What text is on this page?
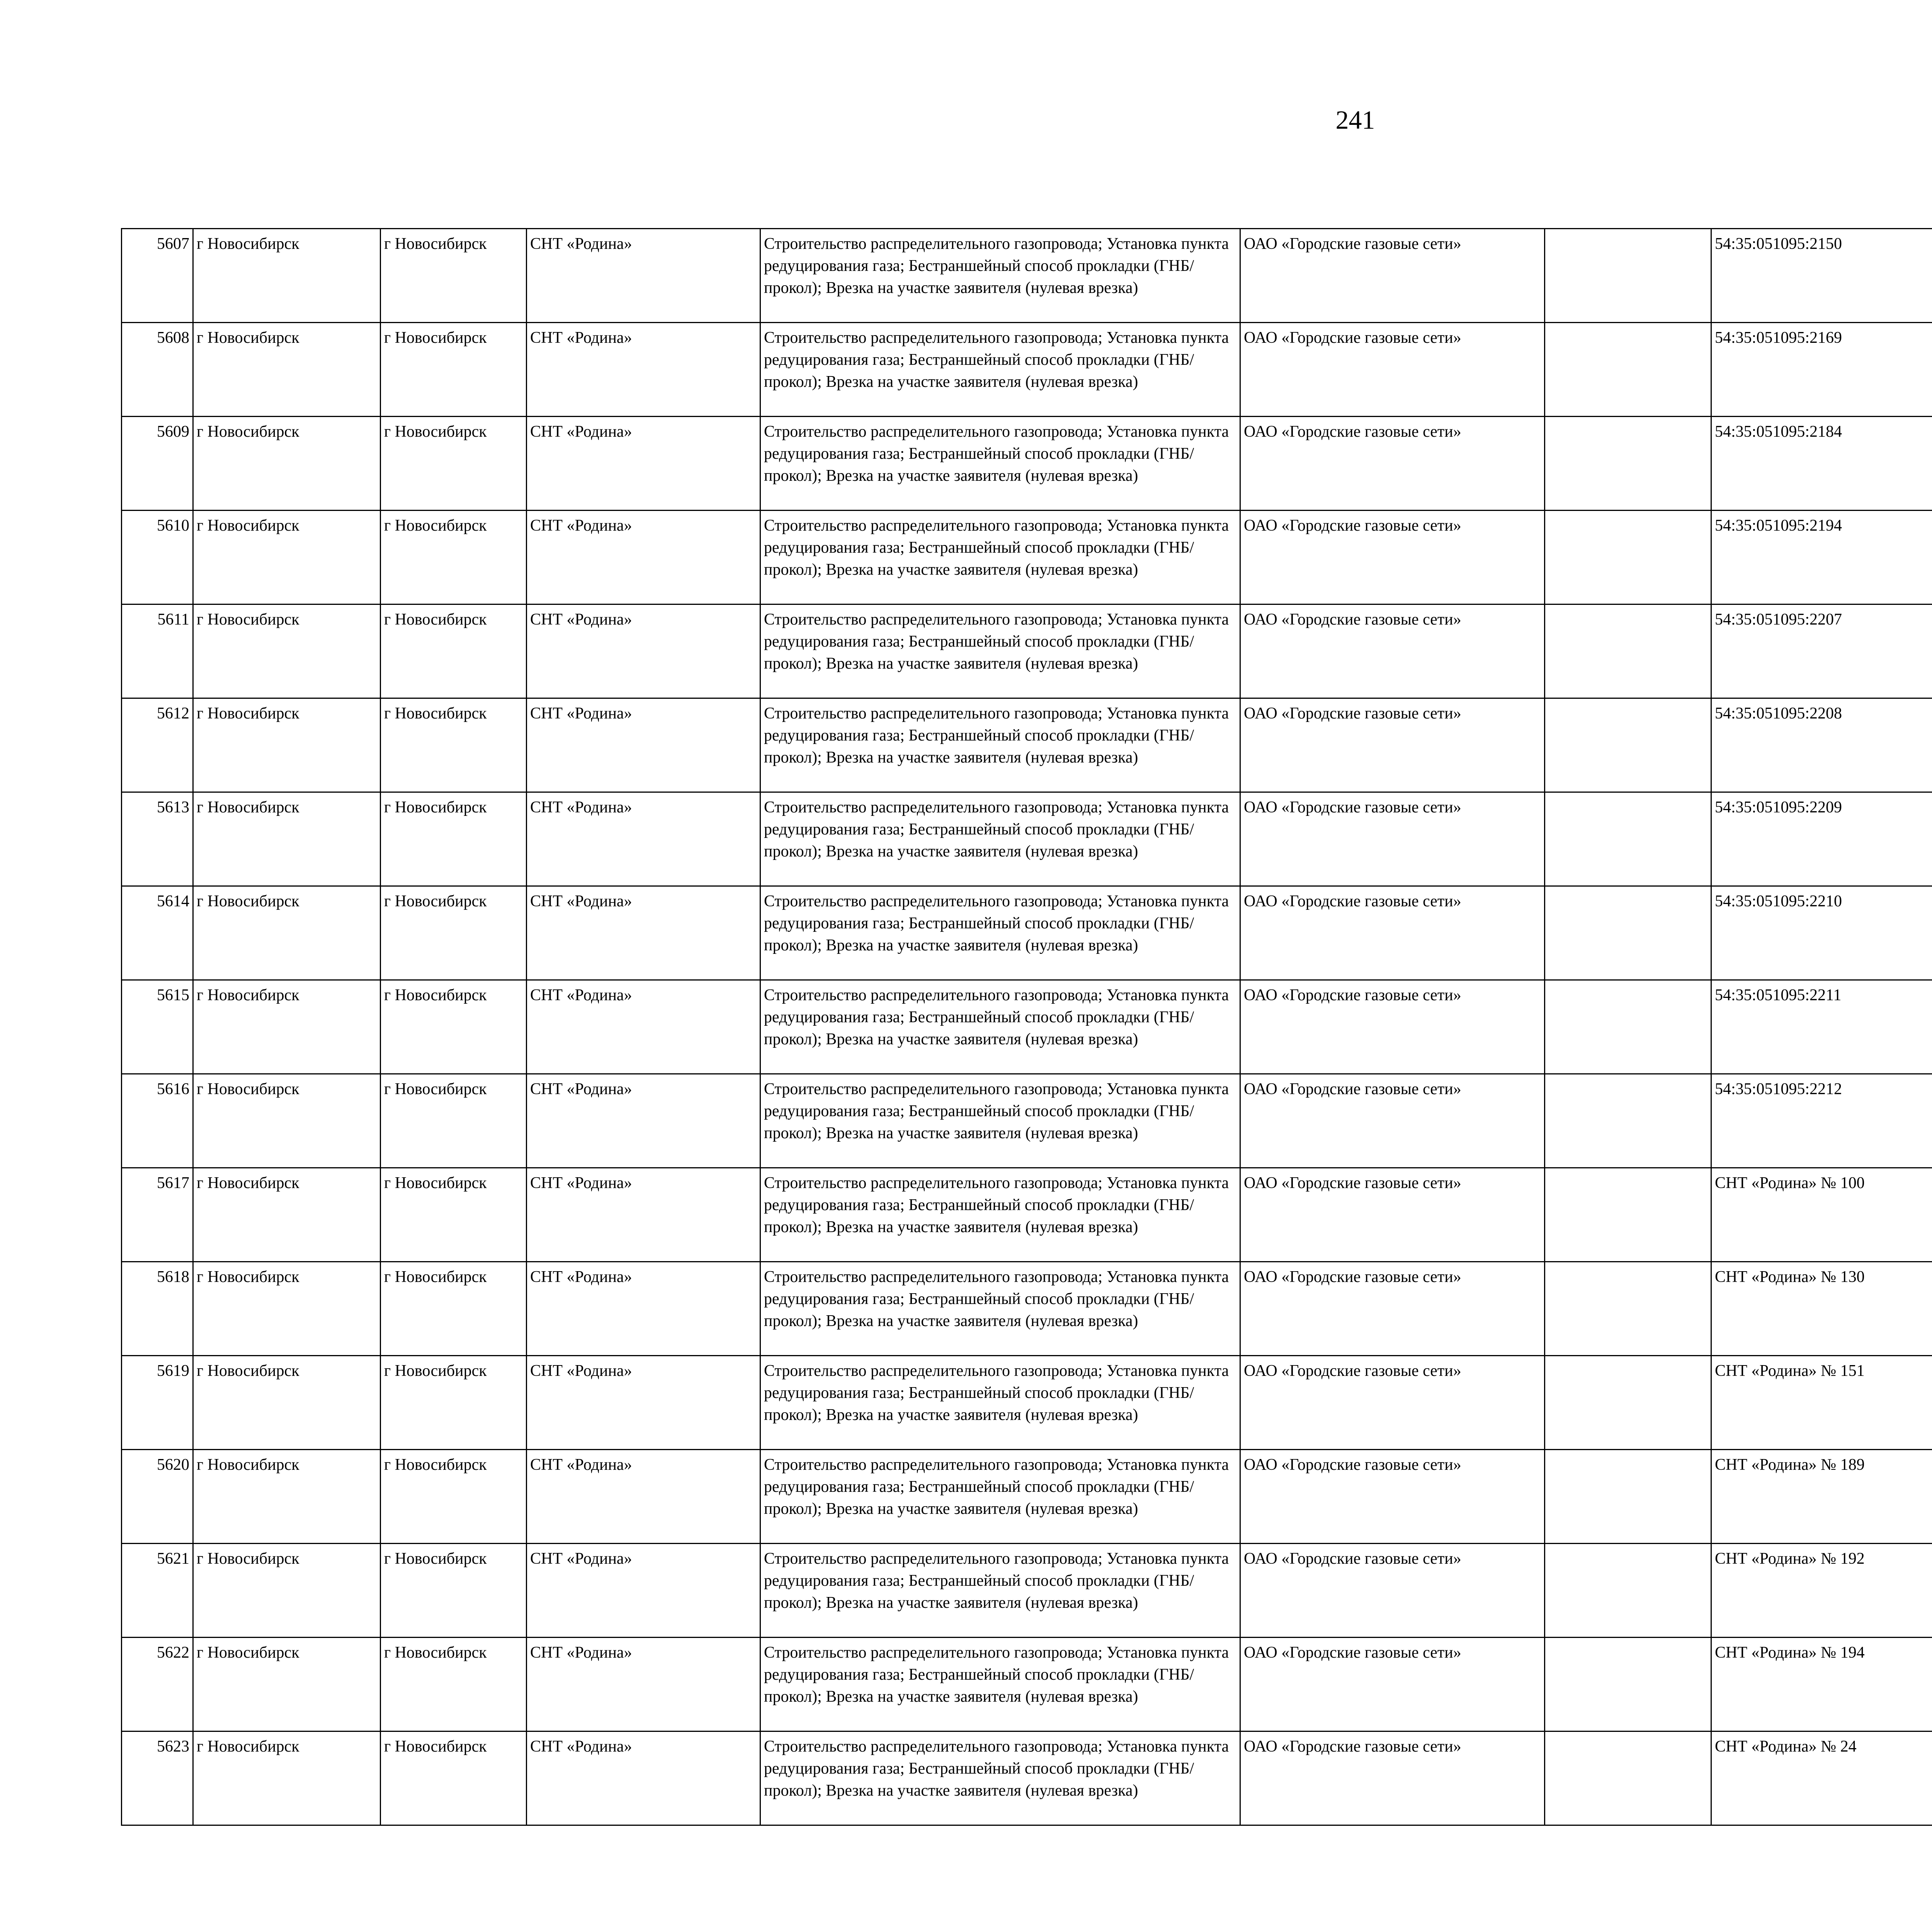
241
5607	г Новосибирск	г Новосибирск	СНТ «Родина»	Строительство распределительного газопровода; Установка пункта редуцирования газа; Бестраншейный способ прокладки (ГНБ/прокол); Врезка на участке заявителя (нулевая врезка)	ОАО «Городские газовые сети»		54:35:051095:2150					
5608	г Новосибирск	г Новосибирск	СНТ «Родина»	Строительство распределительного газопровода; Установка пункта редуцирования газа; Бестраншейный способ прокладки (ГНБ/прокол); Врезка на участке заявителя (нулевая врезка)	ОАО «Городские газовые сети»		54:35:051095:2169					
5609	г Новосибирск	г Новосибирск	СНТ «Родина»	Строительство распределительного газопровода; Установка пункта редуцирования газа; Бестраншейный способ прокладки (ГНБ/прокол); Врезка на участке заявителя (нулевая врезка)	ОАО «Городские газовые сети»		54:35:051095:2184					
5610	г Новосибирск	г Новосибирск	СНТ «Родина»	Строительство распределительного газопровода; Установка пункта редуцирования газа; Бестраншейный способ прокладки (ГНБ/прокол); Врезка на участке заявителя (нулевая врезка)	ОАО «Городские газовые сети»		54:35:051095:2194					
5611	г Новосибирск	г Новосибирск	СНТ «Родина»	Строительство распределительного газопровода; Установка пункта редуцирования газа; Бестраншейный способ прокладки (ГНБ/прокол); Врезка на участке заявителя (нулевая врезка)	ОАО «Городские газовые сети»		54:35:051095:2207					
5612	г Новосибирск	г Новосибирск	СНТ «Родина»	Строительство распределительного газопровода; Установка пункта редуцирования газа; Бестраншейный способ прокладки (ГНБ/прокол); Врезка на участке заявителя (нулевая врезка)	ОАО «Городские газовые сети»		54:35:051095:2208					
5613	г Новосибирск	г Новосибирск	СНТ «Родина»	Строительство распределительного газопровода; Установка пункта редуцирования газа; Бестраншейный способ прокладки (ГНБ/прокол); Врезка на участке заявителя (нулевая врезка)	ОАО «Городские газовые сети»		54:35:051095:2209					
5614	г Новосибирск	г Новосибирск	СНТ «Родина»	Строительство распределительного газопровода; Установка пункта редуцирования газа; Бестраншейный способ прокладки (ГНБ/прокол); Врезка на участке заявителя (нулевая врезка)	ОАО «Городские газовые сети»		54:35:051095:2210					
5615	г Новосибирск	г Новосибирск	СНТ «Родина»	Строительство распределительного газопровода; Установка пункта редуцирования газа; Бестраншейный способ прокладки (ГНБ/прокол); Врезка на участке заявителя (нулевая врезка)	ОАО «Городские газовые сети»		54:35:051095:2211					
5616	г Новосибирск	г Новосибирск	СНТ «Родина»	Строительство распределительного газопровода; Установка пункта редуцирования газа; Бестраншейный способ прокладки (ГНБ/прокол); Врезка на участке заявителя (нулевая врезка)	ОАО «Городские газовые сети»		54:35:051095:2212					
5617	г Новосибирск	г Новосибирск	СНТ «Родина»	Строительство распределительного газопровода; Установка пункта редуцирования газа; Бестраншейный способ прокладки (ГНБ/прокол); Врезка на участке заявителя (нулевая врезка)	ОАО «Городские газовые сети»		СНТ «Родина» № 100					
5618	г Новосибирск	г Новосибирск	СНТ «Родина»	Строительство распределительного газопровода; Установка пункта редуцирования газа; Бестраншейный способ прокладки (ГНБ/прокол); Врезка на участке заявителя (нулевая врезка)	ОАО «Городские газовые сети»		СНТ «Родина» № 130					
5619	г Новосибирск	г Новосибирск	СНТ «Родина»	Строительство распределительного газопровода; Установка пункта редуцирования газа; Бестраншейный способ прокладки (ГНБ/прокол); Врезка на участке заявителя (нулевая врезка)	ОАО «Городские газовые сети»		СНТ «Родина» № 151					
5620	г Новосибирск	г Новосибирск	СНТ «Родина»	Строительство распределительного газопровода; Установка пункта редуцирования газа; Бестраншейный способ прокладки (ГНБ/прокол); Врезка на участке заявителя (нулевая врезка)	ОАО «Городские газовые сети»		СНТ «Родина» № 189					
5621	г Новосибирск	г Новосибирск	СНТ «Родина»	Строительство распределительного газопровода; Установка пункта редуцирования газа; Бестраншейный способ прокладки (ГНБ/прокол); Врезка на участке заявителя (нулевая врезка)	ОАО «Городские газовые сети»		СНТ «Родина» № 192					
5622	г Новосибирск	г Новосибирск	СНТ «Родина»	Строительство распределительного газопровода; Установка пункта редуцирования газа; Бестраншейный способ прокладки (ГНБ/прокол); Врезка на участке заявителя (нулевая врезка)	ОАО «Городские газовые сети»		СНТ «Родина» № 194					
5623	г Новосибирск	г Новосибирск	СНТ «Родина»	Строительство распределительного газопровода; Установка пункта редуцирования газа; Бестраншейный способ прокладки (ГНБ/прокол); Врезка на участке заявителя (нулевая врезка)	ОАО «Городские газовые сети»		СНТ «Родина» № 24					
